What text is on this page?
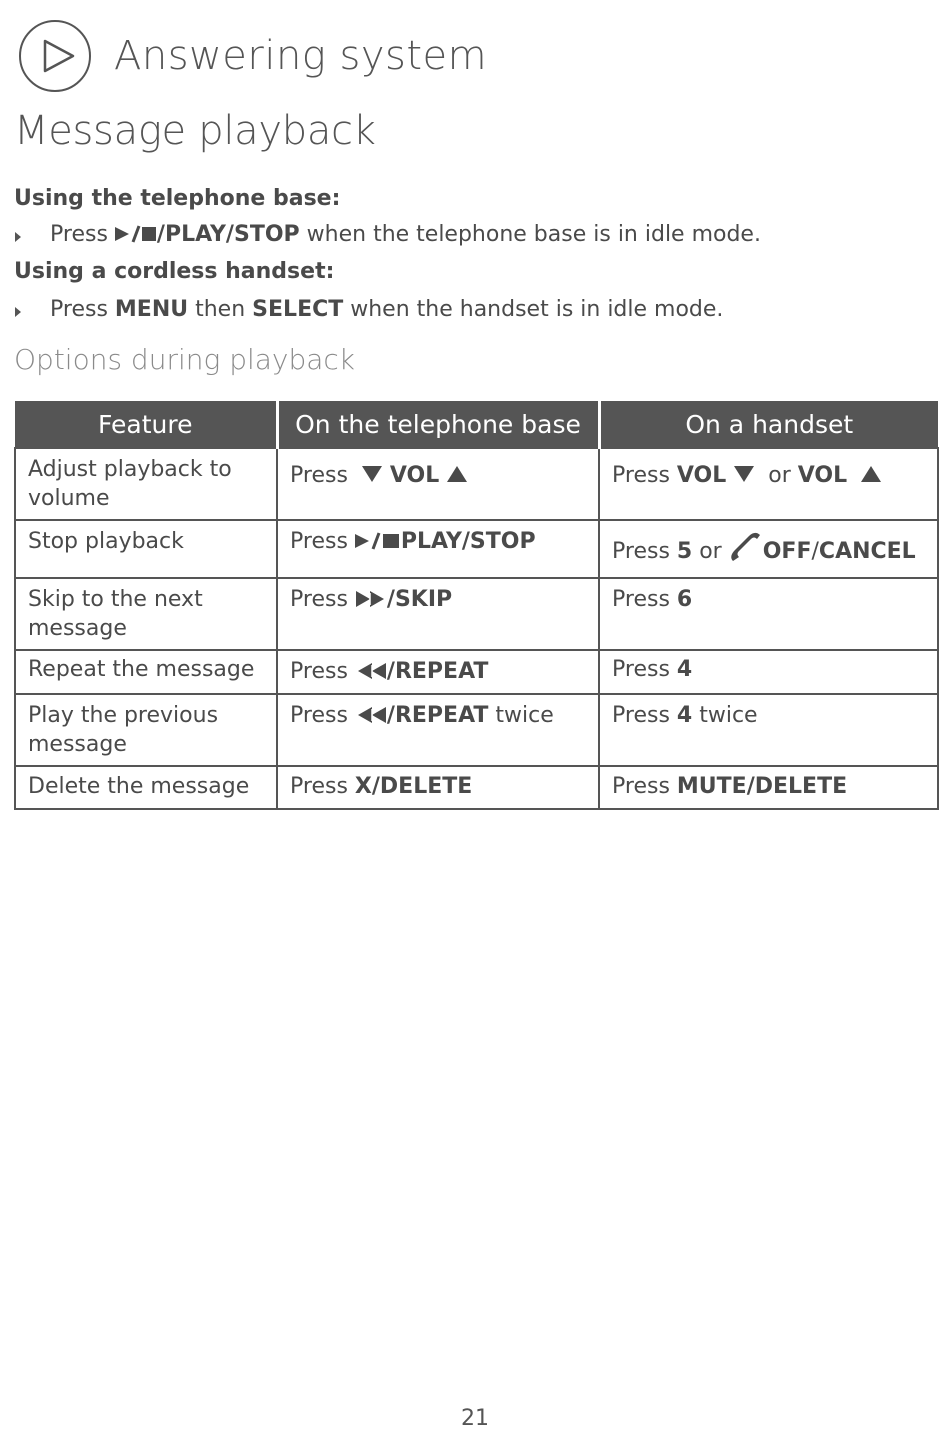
Answering system
Message playback
Using the telephone base:
Press /PLAY/STOP when the telephone base is in idle mode.
Using a cordless handset:
Press MENU then SELECT when the handset is in idle mode.
Options during playback
Feature	On the telephone base	On a handset
Adjust playback to volume	Press VOL	Press VOL or VOL
Stop playback	Press PLAY/STOP	Press 5 or OFF/CANCEL
Skip to the next message	Press /SKIP	Press 6
Repeat the message	Press /REPEAT	Press 4
Play the previous message	Press /REPEAT twice	Press 4 twice
Delete the message	Press X/DELETE	Press MUTE/DELETE
21
